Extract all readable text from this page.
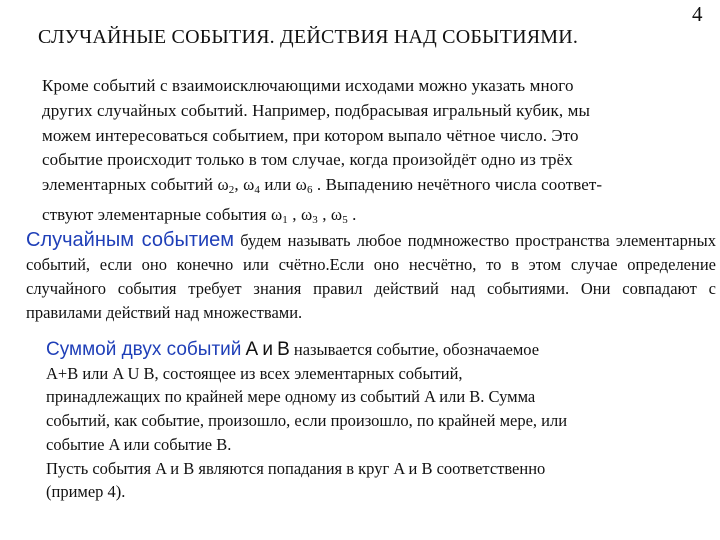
4
СЛУЧАЙНЫЕ СОБЫТИЯ. ДЕЙСТВИЯ НАД СОБЫТИЯМИ.
Кроме событий с взаимоисключающими исходами можно указать много
других случайных событий. Например, подбрасывая игральный кубик, мы
можем интересоваться событием, при котором выпало чётное число. Это
событие происходит только в том случае, когда произойдёт одно из трёх
элементарных событий $\omega_2$, $\omega_4$ или $\omega_6$ . Выпадению нечётного числа соответ-
ствуют элементарные события $\omega_1$ , $\omega_3$ , $\omega_5$ .
Случайным событием будем называть любое подмножество пространства элементарных событий, если оно конечно или счётно.Если оно несчётно, то в этом случае определение случайного события требует знания правил действий над событиями. Они совпадают с правилами действий над множествами.
Суммой двух событий A и B называется событие, обозначаемое
A+B или A U B, состоящее из всех элементарных событий,
принадлежащих по крайней мере одному из событий A или B. Сумма
событий, как событие, произошло, если произошло, по крайней мере, или
событие A или событие B.
Пусть события A и B являются попадания в круг A и B соответственно
(пример 4).
